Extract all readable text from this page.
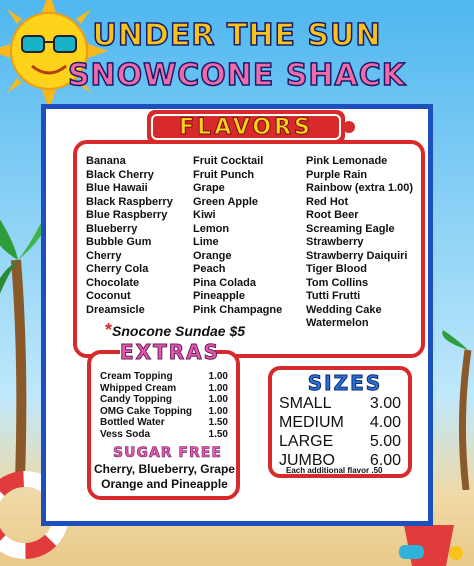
UNDER THE SUN
SNOWCONE SHACK
FLAVORS
Banana
Black Cherry
Blue Hawaii
Black Raspberry
Blue Raspberry
Blueberry
Bubble Gum
Cherry
Cherry Cola
Chocolate
Coconut
Dreamsicle
Fruit Cocktail
Fruit Punch
Grape
Green Apple
Kiwi
Lemon
Lime
Orange
Peach
Pina Colada
Pineapple
Pink Champagne
Pink Lemonade
Purple Rain
Rainbow (extra 1.00)
Red Hot
Root Beer
Screaming Eagle
Strawberry
Strawberry Daiquiri
Tiger Blood
Tom Collins
Tutti Frutti
Wedding Cake
Watermelon
*Snocone Sundae $5
EXTRAS
Cream Topping	1.00
Whipped Cream	1.00
Candy Topping	1.00
OMG Cake Topping 1.00
Bottled Water	1.50
Vess Soda	1.50
SUGAR FREE
Cherry, Blueberry, Grape
Orange and Pineapple
SIZES
SMALL 3.00
MEDIUM 4.00
LARGE 5.00
JUMBO 6.00
Each additional flavor .50
